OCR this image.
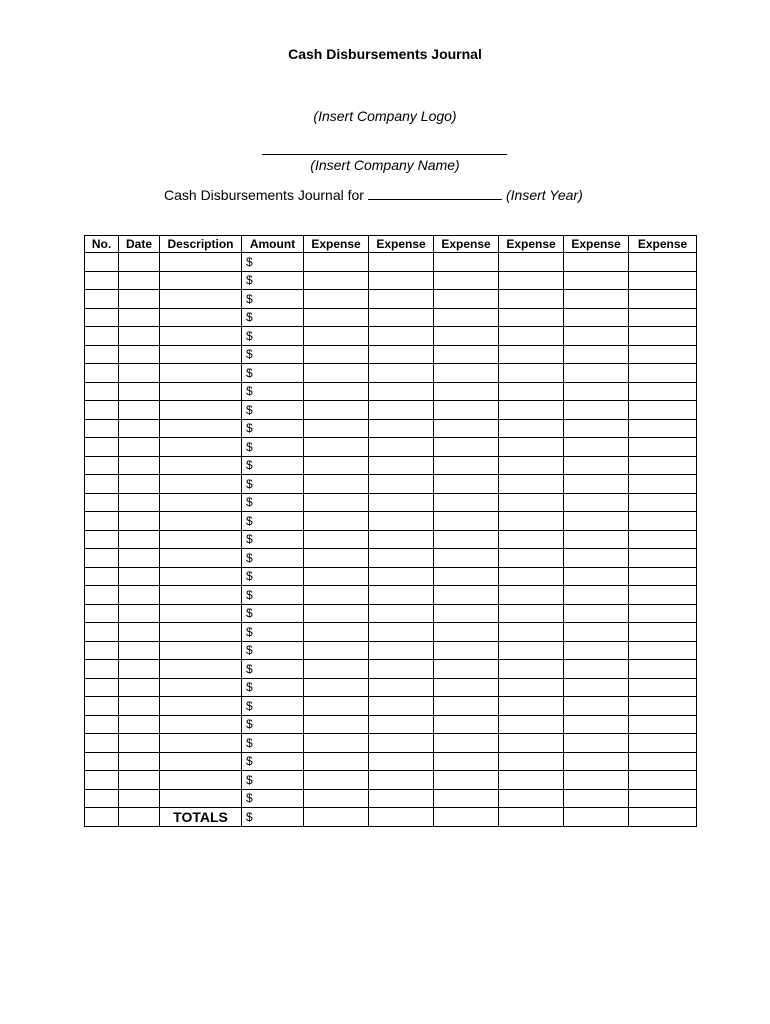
Cash Disbursements Journal
(Insert Company Logo)
(Insert Company Name)
Cash Disbursements Journal for	(Insert Year)
No.	Date	Description	Amount	Expense	Expense	Expense	Expense	Expense	Expense
			$						
			$						
			$						
			$						
			$						
			$						
			$						
			$						
			$						
			$						
			$						
			$						
			$						
			$						
			$						
			$						
			$						
			$						
			$						
			$						
			$						
			$						
			$						
			$						
			$						
			$						
			$						
			$						
			$						
			$						
		TOTALS	$						
